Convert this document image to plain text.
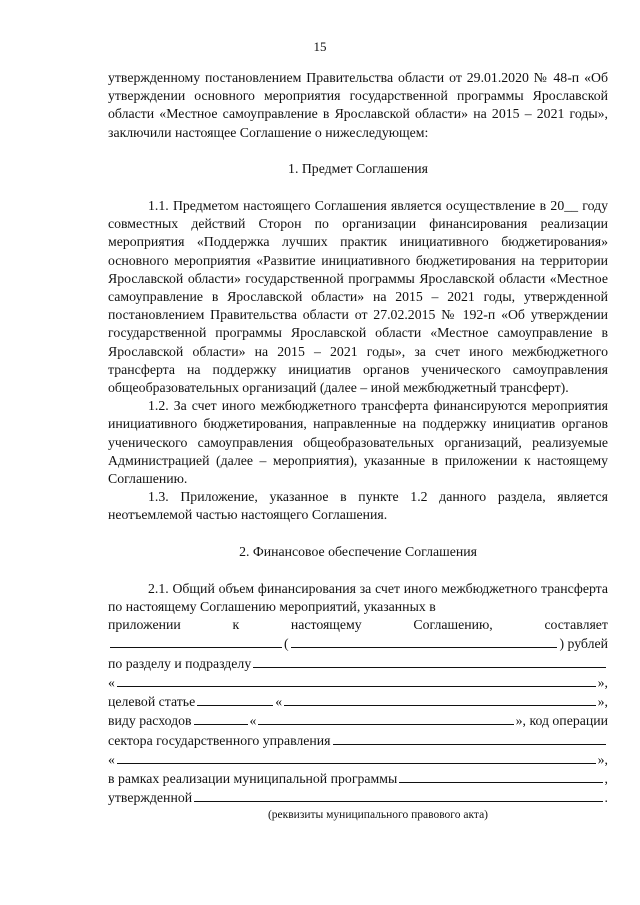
15

утвержденному постановлением Правительства области от 29.01.2020 № 48-п «Об утверждении основного мероприятия государственной программы Ярославской области «Местное самоуправление в Ярославской области» на 2015 – 2021 годы», заключили настоящее Соглашение о нижеследующем:

1. Предмет Соглашения

1.1. Предметом настоящего Соглашения является осуществление в 20__ году совместных действий Сторон по организации финансирования реализации мероприятия «Поддержка лучших практик инициативного бюджетирования» основного мероприятия «Развитие инициативного бюджетирования на территории Ярославской области» государственной программы Ярославской области «Местное самоуправление в Ярославской области» на 2015 – 2021 годы, утвержденной постановлением Правительства области от 27.02.2015 № 192-п «Об утверждении государственной программы Ярославской области «Местное самоуправление в Ярославской области» на 2015 – 2021 годы», за счет иного межбюджетного трансферта на поддержку инициатив органов ученического самоуправления общеобразовательных организаций (далее – иной межбюджетный трансферт).

1.2. За счет иного межбюджетного трансферта финансируются мероприятия инициативного бюджетирования, направленные на поддержку инициатив органов ученического самоуправления общеобразовательных организаций, реализуемые Администрацией (далее – мероприятия), указанные в приложении к настоящему Соглашению.

1.3. Приложение, указанное в пункте 1.2 данного раздела, является неотъемлемой частью настоящего Соглашения.

2. Финансовое обеспечение Соглашения

2.1. Общий объем финансирования за счет иного межбюджетного трансферта по настоящему Соглашению мероприятий, указанных в

приложении	к	настоящему	Соглашению,	составляет
(	) рублей
по разделу и подразделу
«	»,
целевой статье	«	»,
виду расходов	«	», код операции
сектора государственного управления
«	»,
в рамках реализации муниципальной программы	,
утвержденной	.
(реквизиты муниципального правового акта)
